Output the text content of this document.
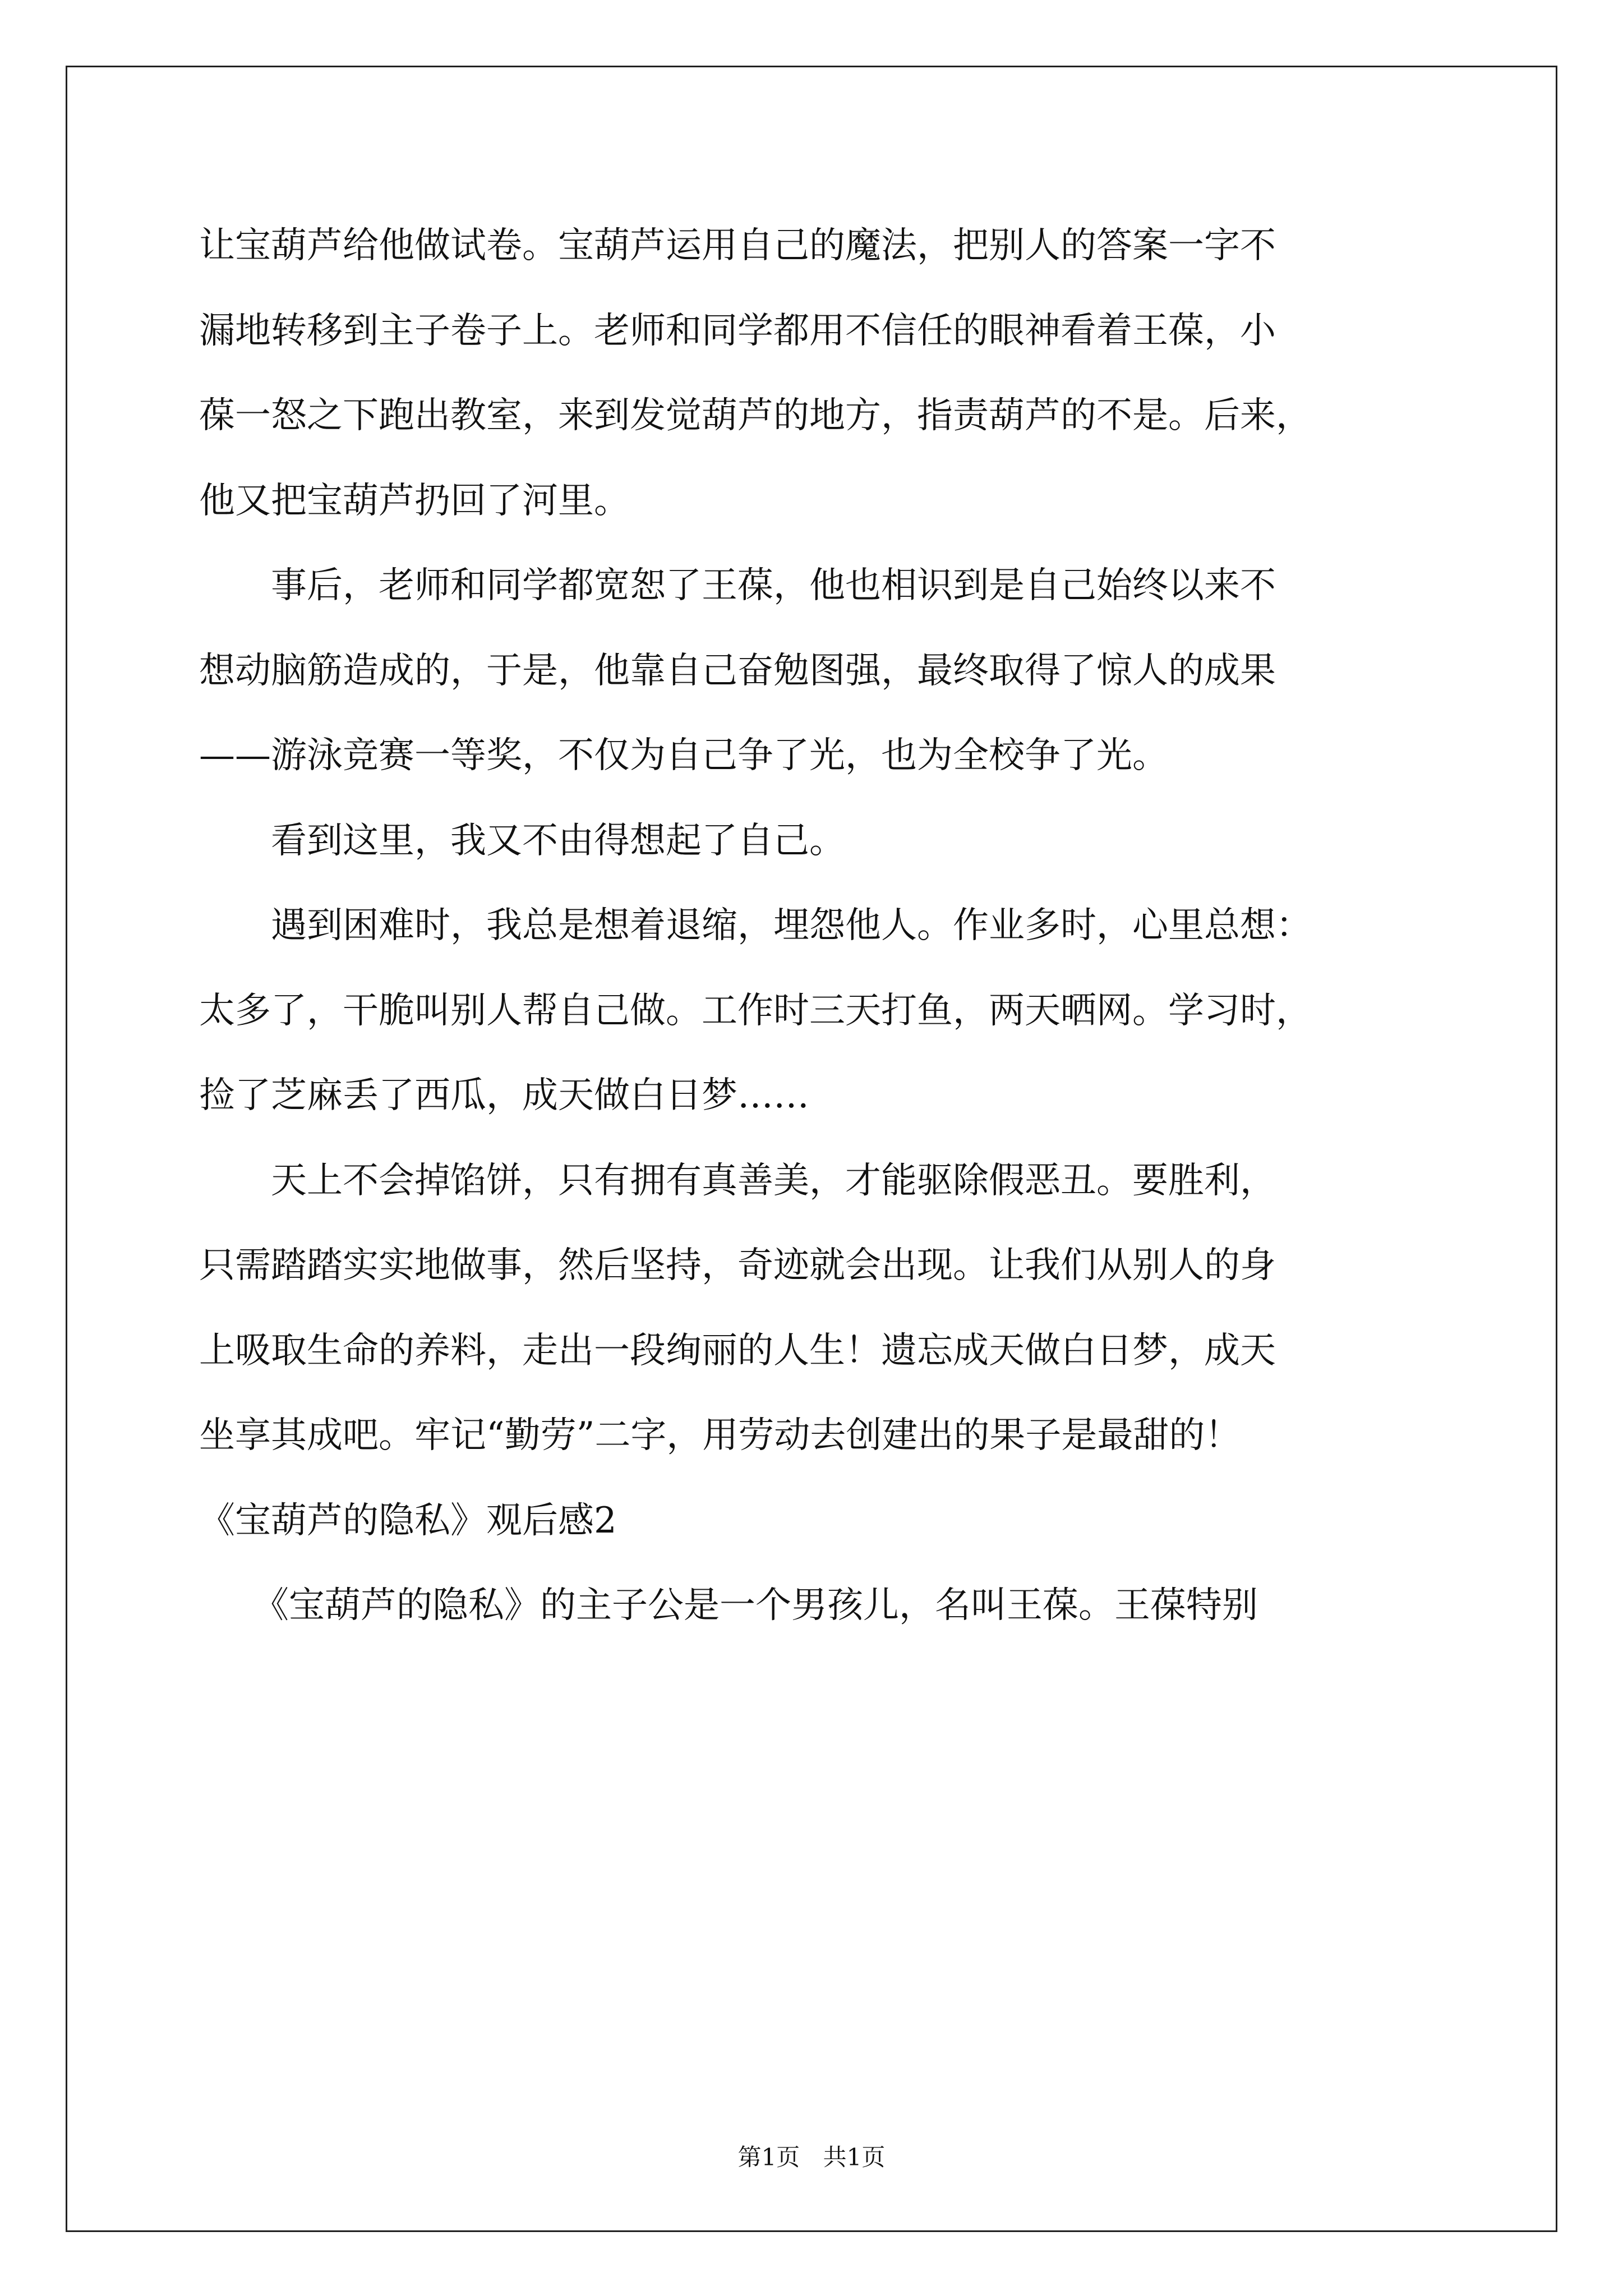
让宝葫芦给他做试卷。宝葫芦运用自己的魔法，把别人的答案一字不
漏地转移到主子卷子上。老师和同学都用不信任的眼神看着王葆，小
葆一怒之下跑出教室，来到发觉葫芦的地方，指责葫芦的不是。后来，
他又把宝葫芦扔回了河里。
　　事后，老师和同学都宽恕了王葆，他也相识到是自己始终以来不
想动脑筋造成的，于是，他靠自己奋勉图强，最终取得了惊人的成果
——游泳竞赛一等奖，不仅为自己争了光，也为全校争了光。
　　看到这里，我又不由得想起了自己。
　　遇到困难时，我总是想着退缩，埋怨他人。作业多时，心里总想：
太多了，干脆叫别人帮自己做。工作时三天打鱼，两天晒网。学习时，
捡了芝麻丢了西瓜，成天做白日梦……
　　天上不会掉馅饼，只有拥有真善美，才能驱除假恶丑。要胜利，
只需踏踏实实地做事，然后坚持，奇迹就会出现。让我们从别人的身
上吸取生命的养料，走出一段绚丽的人生！遗忘成天做白日梦，成天
坐享其成吧。牢记“勤劳”二字，用劳动去创建出的果子是最甜的！
《宝葫芦的隐私》观后感2
　　《宝葫芦的隐私》的主子公是一个男孩儿，名叫王葆。王葆特别
第1页 共1页
